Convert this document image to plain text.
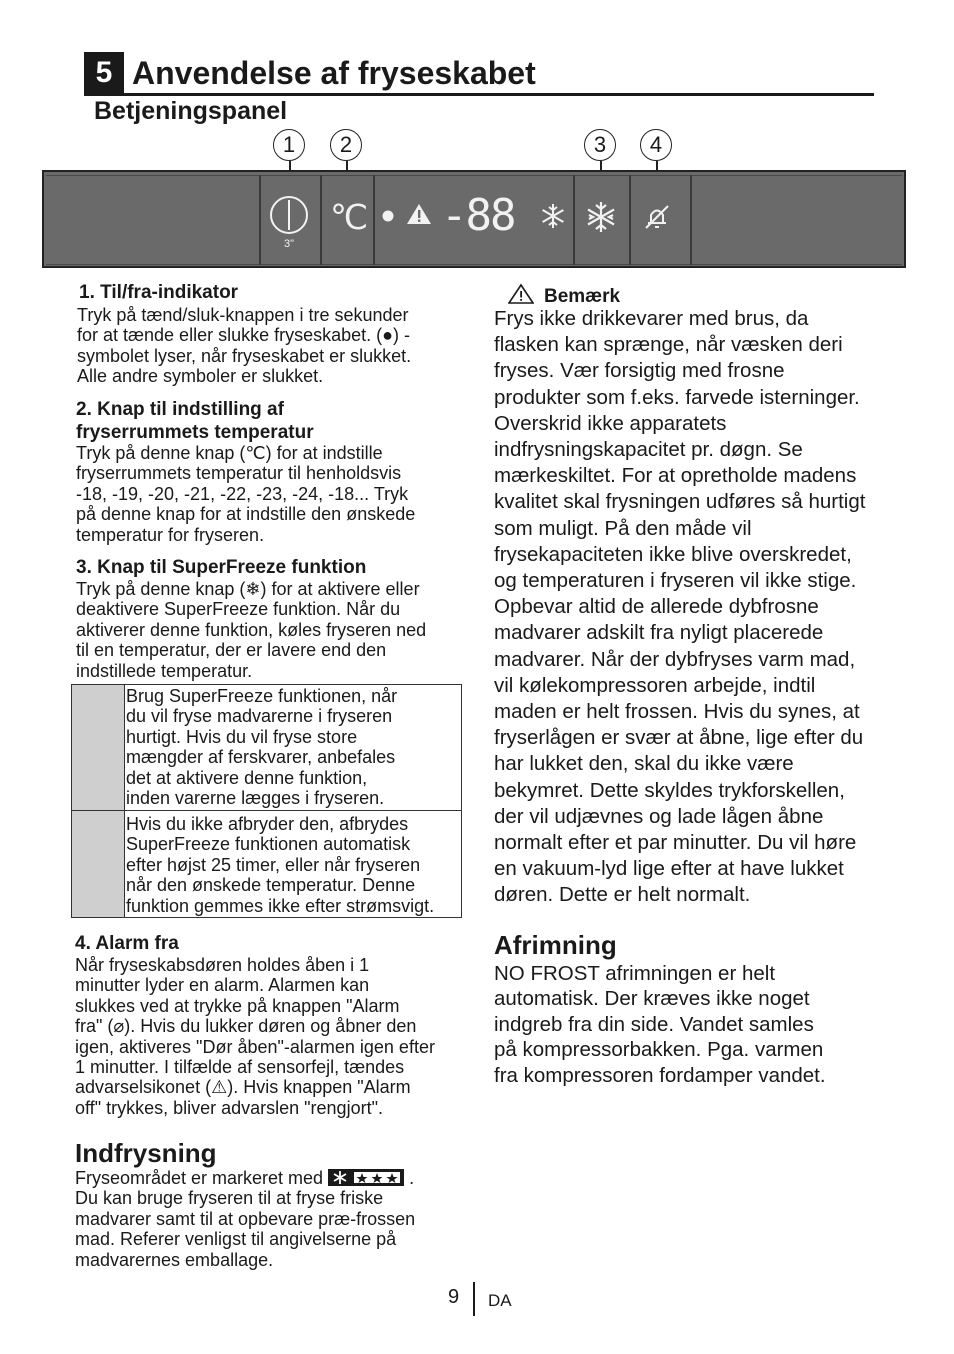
5 Anvendelse af fryseskabet
Betjeningspanel
1	2	3	4
3"
℃ -88
1. Til/fra-indikator
Tryk på tænd/sluk-knappen i tre sekunder
for at tænde eller slukke fryseskabet. (●) -
symbolet lyser, når fryseskabet er slukket.
Alle andre symboler er slukket.
2. Knap til indstilling af
fryserrummets temperatur
Tryk på denne knap (℃) for at indstille
fryserrummets temperatur til henholdsvis
-18, -19, -20, -21, -22, -23, -24, -18... Tryk
på denne knap for at indstille den ønskede
temperatur for fryseren.
3. Knap til SuperFreeze funktion
Tryk på denne knap (❄) for at aktivere eller
deaktivere SuperFreeze funktion. Når du
aktiverer denne funktion, køles fryseren ned
til en temperatur, der er lavere end den
indstillede temperatur.
Brug SuperFreeze funktionen, når
du vil fryse madvarerne i fryseren
hurtigt. Hvis du vil fryse store
mængder af ferskvarer, anbefales
det at aktivere denne funktion,
inden varerne lægges i fryseren.
Hvis du ikke afbryder den, afbrydes
SuperFreeze funktionen automatisk
efter højst 25 timer, eller når fryseren
når den ønskede temperatur. Denne
funktion gemmes ikke efter strømsvigt.
4. Alarm fra
Når fryseskabsdøren holdes åben i 1
minutter lyder en alarm. Alarmen kan
slukkes ved at trykke på knappen "Alarm
fra" (⌀). Hvis du lukker døren og åbner den
igen, aktiveres "Dør åben"-alarmen igen efter
1 minutter. I tilfælde af sensorfejl, tændes
advarselsikonet (⚠). Hvis knappen "Alarm
off" trykkes, bliver advarslen "rengjort".
Indfrysning
Fryseområdet er markeret med	.
Du kan bruge fryseren til at fryse friske
madvarer samt til at opbevare præ-frossen
mad. Referer venligst til angivelserne på
madvarernes emballage.
Bemærk
Frys ikke drikkevarer med brus, da
flasken kan sprænge, når væsken deri
fryses. Vær forsigtig med frosne
produkter som f.eks. farvede isterninger.
Overskrid ikke apparatets
indfrysningskapacitet pr. døgn. Se
mærkeskiltet. For at opretholde madens
kvalitet skal frysningen udføres så hurtigt
som muligt. På den måde vil
frysekapaciteten ikke blive overskredet,
og temperaturen i fryseren vil ikke stige.
Opbevar altid de allerede dybfrosne
madvarer adskilt fra nyligt placerede
madvarer. Når der dybfryses varm mad,
vil kølekompressoren arbejde, indtil
maden er helt frossen. Hvis du synes, at
fryserlågen er svær at åbne, lige efter du
har lukket den, skal du ikke være
bekymret. Dette skyldes trykforskellen,
der vil udjævnes og lade lågen åbne
normalt efter et par minutter. Du vil høre
en vakuum-lyd lige efter at have lukket
døren. Dette er helt normalt.
Afrimning
NO FROST afrimningen er helt
automatisk. Der kræves ikke noget
indgreb fra din side. Vandet samles
på kompressorbakken. Pga. varmen
fra kompressoren fordamper vandet.
9 DA
